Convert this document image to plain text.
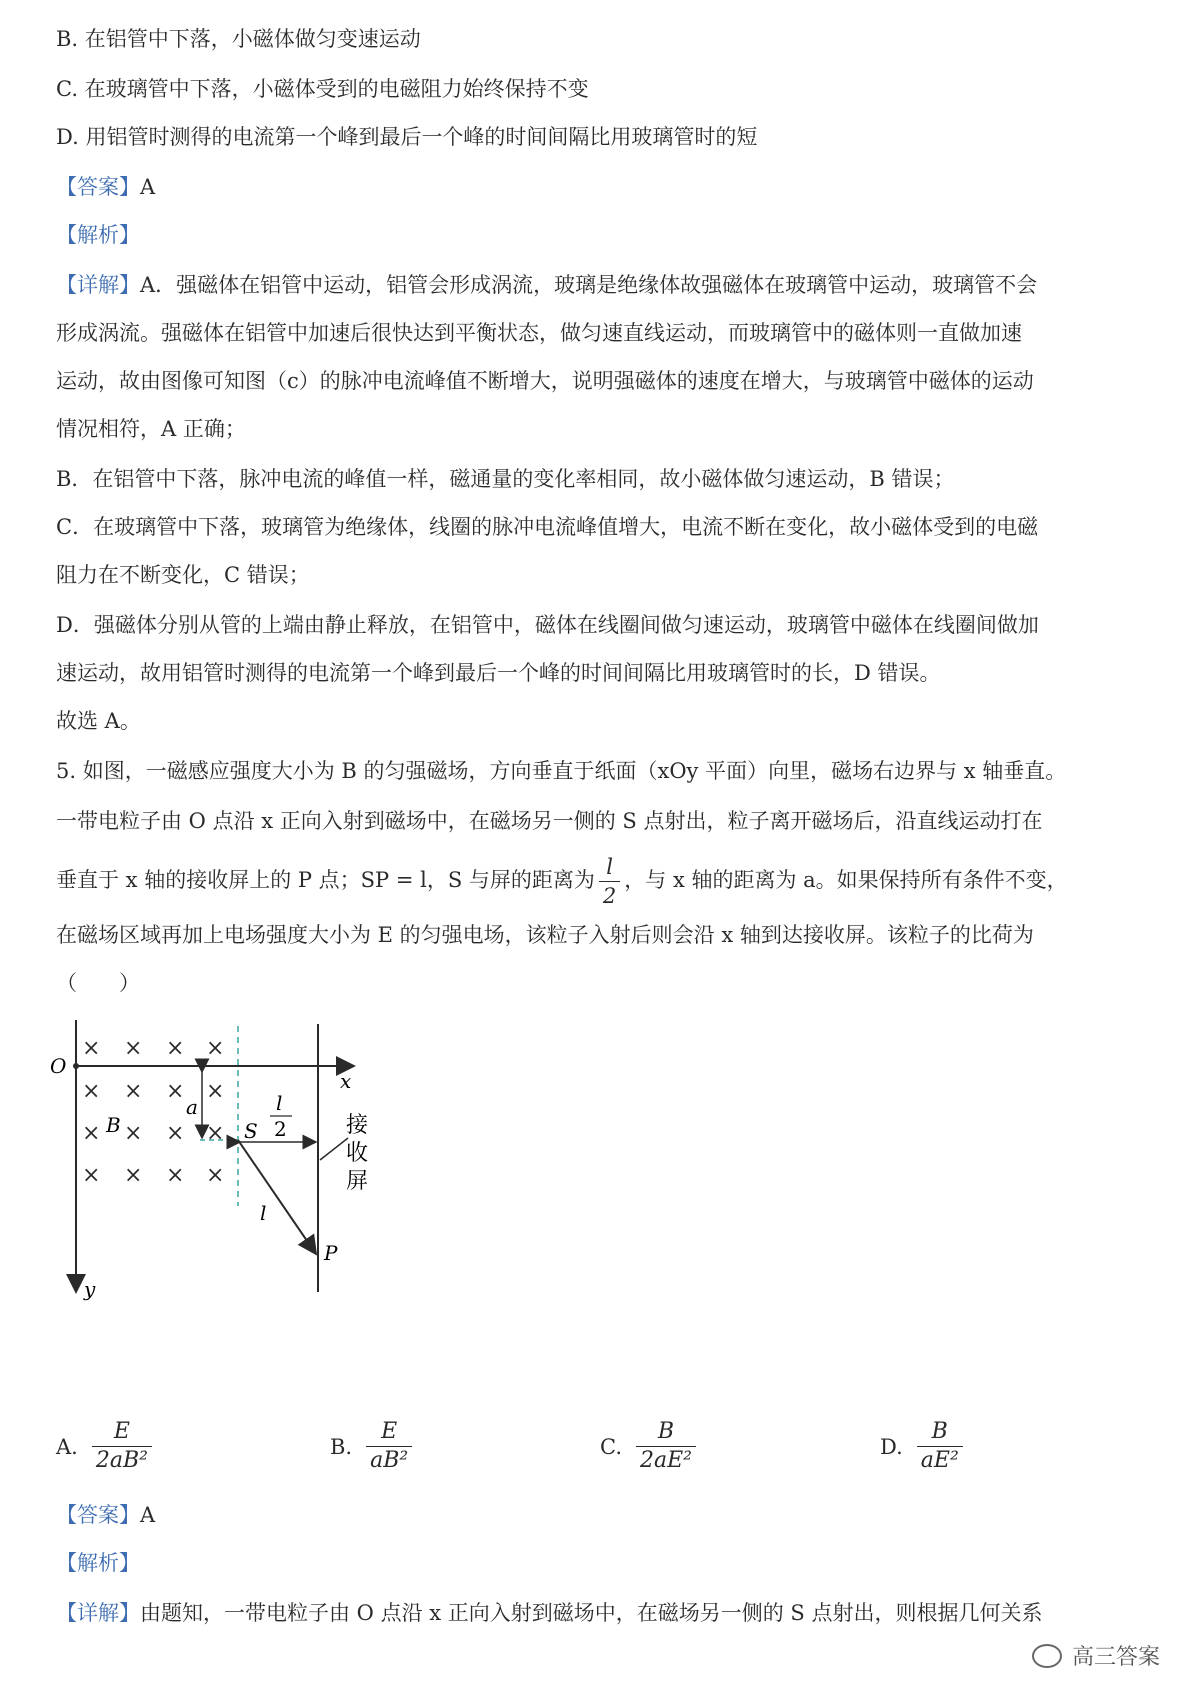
B. 在铝管中下落，小磁体做匀变速运动
C. 在玻璃管中下落，小磁体受到的电磁阻力始终保持不变
D. 用铝管时测得的电流第一个峰到最后一个峰的时间间隔比用玻璃管时的短
【答案】A
【解析】
【详解】A．强磁体在铝管中运动，铝管会形成涡流，玻璃是绝缘体故强磁体在玻璃管中运动，玻璃管不会
形成涡流。强磁体在铝管中加速后很快达到平衡状态，做匀速直线运动，而玻璃管中的磁体则一直做加速
运动，故由图像可知图（c）的脉冲电流峰值不断增大，说明强磁体的速度在增大，与玻璃管中磁体的运动
情况相符，A 正确；
B．在铝管中下落，脉冲电流的峰值一样，磁通量的变化率相同，故小磁体做匀速运动，B 错误；
C．在玻璃管中下落，玻璃管为绝缘体，线圈的脉冲电流峰值增大，电流不断在变化，故小磁体受到的电磁
阻力在不断变化，C 错误；
D．强磁体分别从管的上端由静止释放，在铝管中，磁体在线圈间做匀速运动，玻璃管中磁体在线圈间做加
速运动，故用铝管时测得的电流第一个峰到最后一个峰的时间间隔比用玻璃管时的长，D 错误。
故选 A。
5. 如图，一磁感应强度大小为 B 的匀强磁场，方向垂直于纸面（xOy 平面）向里，磁场右边界与 x 轴垂直。
一带电粒子由 O 点沿 x 正向入射到磁场中，在磁场另一侧的 S 点射出，粒子离开磁场后，沿直线运动打在
垂直于 x 轴的接收屏上的 P 点；SP = l，S 与屏的距离为 $\frac{l}{2}$ ，与 x 轴的距离为 a。如果保持所有条件不变，
在磁场区域再加上电场强度大小为 E 的匀强电场，该粒子入射后则会沿 x 轴到达接收屏。该粒子的比荷为
（　　）
× × × ×
× × × ×
× × × ×
× × × ×
O
x
y
B
a
S
P
l
l
2	接
收
屏
A. $\frac{E}{\text{2aB²}}$	B. $\frac{E}{\text{aB²}}$	C. $\frac{B}{\text{2aE²}}$	D. $\frac{B}{\text{aE²}}$
【答案】A
【解析】
【详解】由题知，一带电粒子由 O 点沿 x 正向入射到磁场中，在磁场另一侧的 S 点射出，则根据几何关系
高三答案
